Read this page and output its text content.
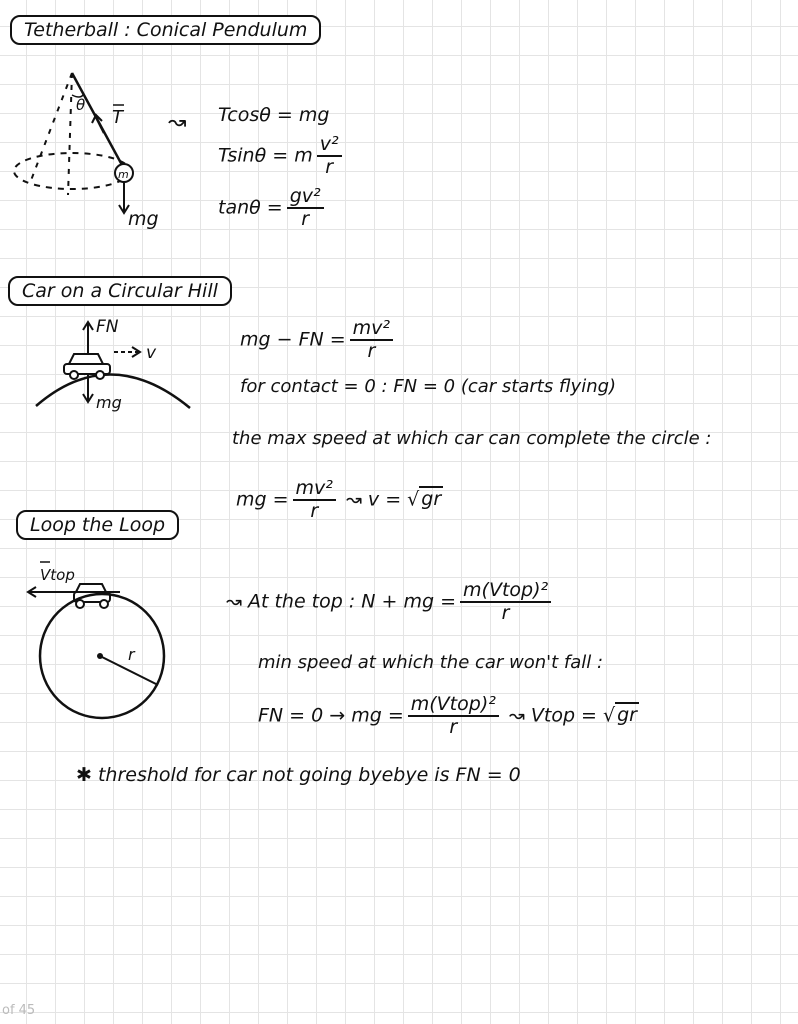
Tetherball : Conical Pendulum
θ
T
m
mg
↝ Tcosθ = mg
Tsinθ = m $\frac{\text{v²}}{r}$
$\tan\theta = \frac{\text{gv²}}{r}$
Car on a Circular Hill
FN
v
mg
mg − FN = $\frac{\text{mv²}}{r}$
for contact = 0 : FN = 0 (car starts flying)
the max speed at which car can complete the circle :
mg = $\frac{\text{mv²}}{r}$ ↝ v = √ gr
Loop the Loop
Vtop
r
↝ At the top : N + mg = $\frac{\text{m(Vtop)²}}{r}$
min speed at which the car won't fall :
FN = 0 → mg = $\frac{\text{m(Vtop)²}}{r}$ ↝ Vtop = √ gr
✱ threshold for car not going byebye is FN = 0
of 45
